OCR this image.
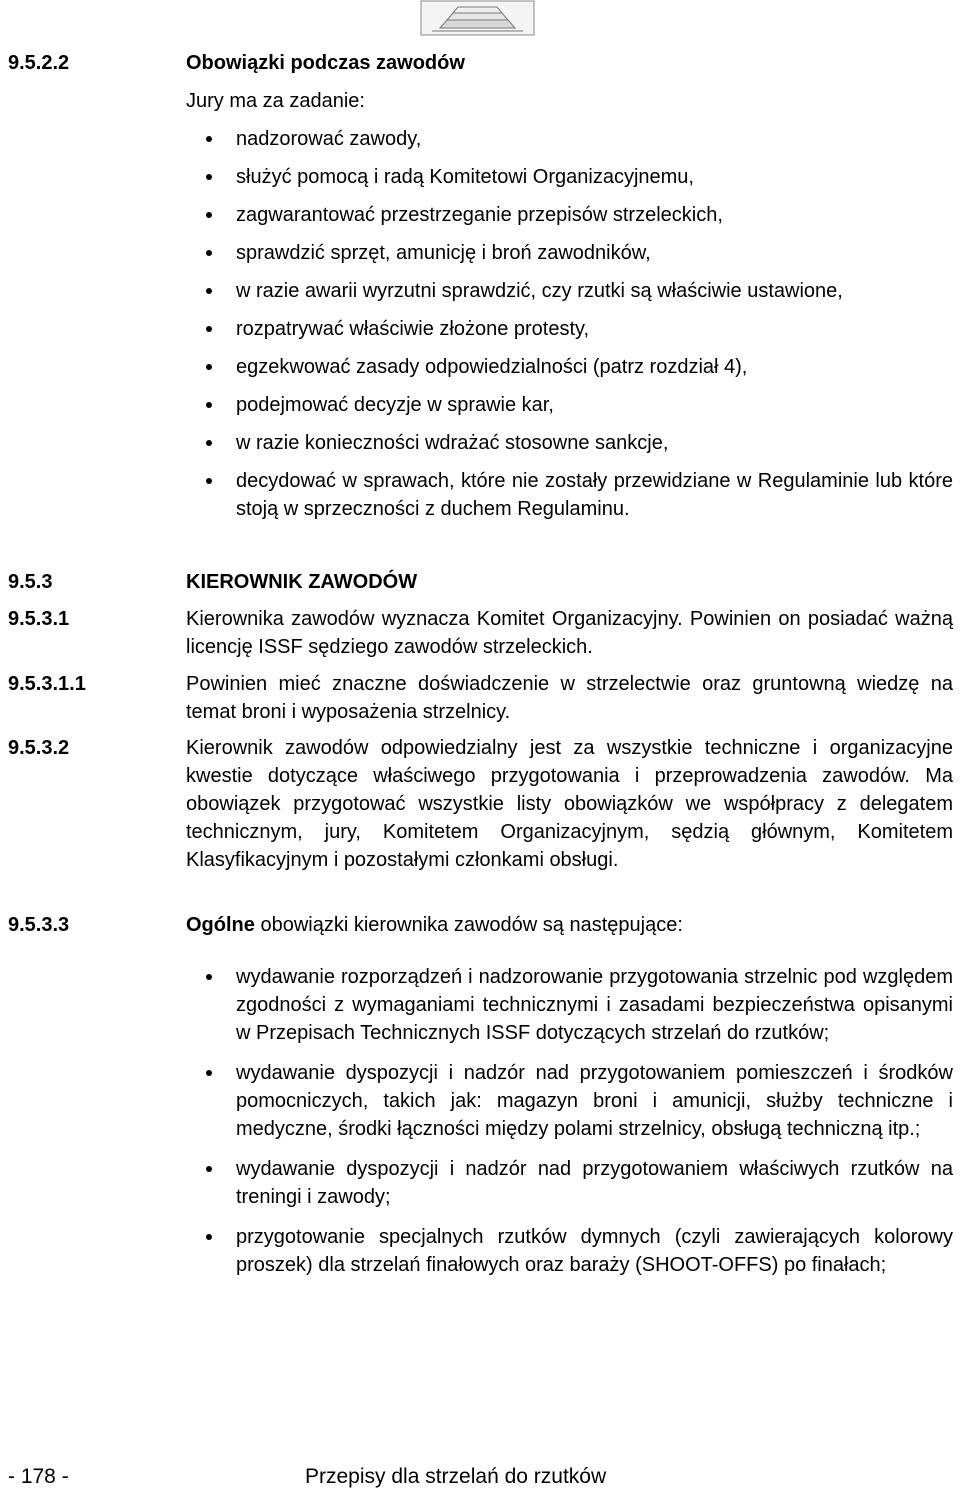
9.5.2.2	Obowiązki podczas zawodów
Jury ma za zadanie:
nadzorować zawody,
służyć pomocą i radą Komitetowi Organizacyjnemu,
zagwarantować przestrzeganie przepisów strzeleckich,
sprawdzić sprzęt, amunicję i broń zawodników,
w razie awarii wyrzutni sprawdzić, czy rzutki są właściwie ustawione,
rozpatrywać właściwie złożone protesty,
egzekwować zasady odpowiedzialności (patrz rozdział 4),
podejmować decyzje w sprawie kar,
w razie konieczności wdrażać stosowne sankcje,
decydować w sprawach, które nie zostały przewidziane w Regulaminie lub które stoją w sprzeczności z duchem Regulaminu.
9.5.3	KIEROWNIK ZAWODÓW
9.5.3.1	Kierownika zawodów wyznacza Komitet Organizacyjny. Powinien on posiadać ważną licencję ISSF sędziego zawodów strzeleckich.
9.5.3.1.1	Powinien mieć znaczne doświadczenie w strzelectwie oraz gruntowną wiedzę na temat broni i wyposażenia strzelnicy.
9.5.3.2	Kierownik zawodów odpowiedzialny jest za wszystkie techniczne i organizacyjne kwestie dotyczące właściwego przygotowania i przeprowadzenia zawodów. Ma obowiązek przygotować wszystkie listy obowiązków we współpracy z delegatem technicznym, jury, Komitetem Organizacyjnym, sędzią głównym, Komitetem Klasyfikacyjnym i pozostałymi członkami obsługi.
9.5.3.3	Ogólne obowiązki kierownika zawodów są następujące:
wydawanie rozporządzeń i nadzorowanie przygotowania strzelnic pod względem zgodności z wymaganiami technicznymi i zasadami bezpieczeństwa opisanymi w Przepisach Technicznych ISSF dotyczących strzelań do rzutków;
wydawanie dyspozycji i nadzór nad przygotowaniem pomieszczeń i środków pomocniczych, takich jak: magazyn broni i amunicji, służby techniczne i medyczne, środki łączności między polami strzelnicy, obsługą techniczną itp.;
wydawanie dyspozycji i nadzór nad przygotowaniem właściwych rzutków na treningi i zawody;
przygotowanie specjalnych rzutków dymnych (czyli zawierających kolorowy proszek) dla strzelań finałowych oraz baraży (SHOOT-OFFS) po finałach;
- 178 -	Przepisy dla strzelań do rzutków
